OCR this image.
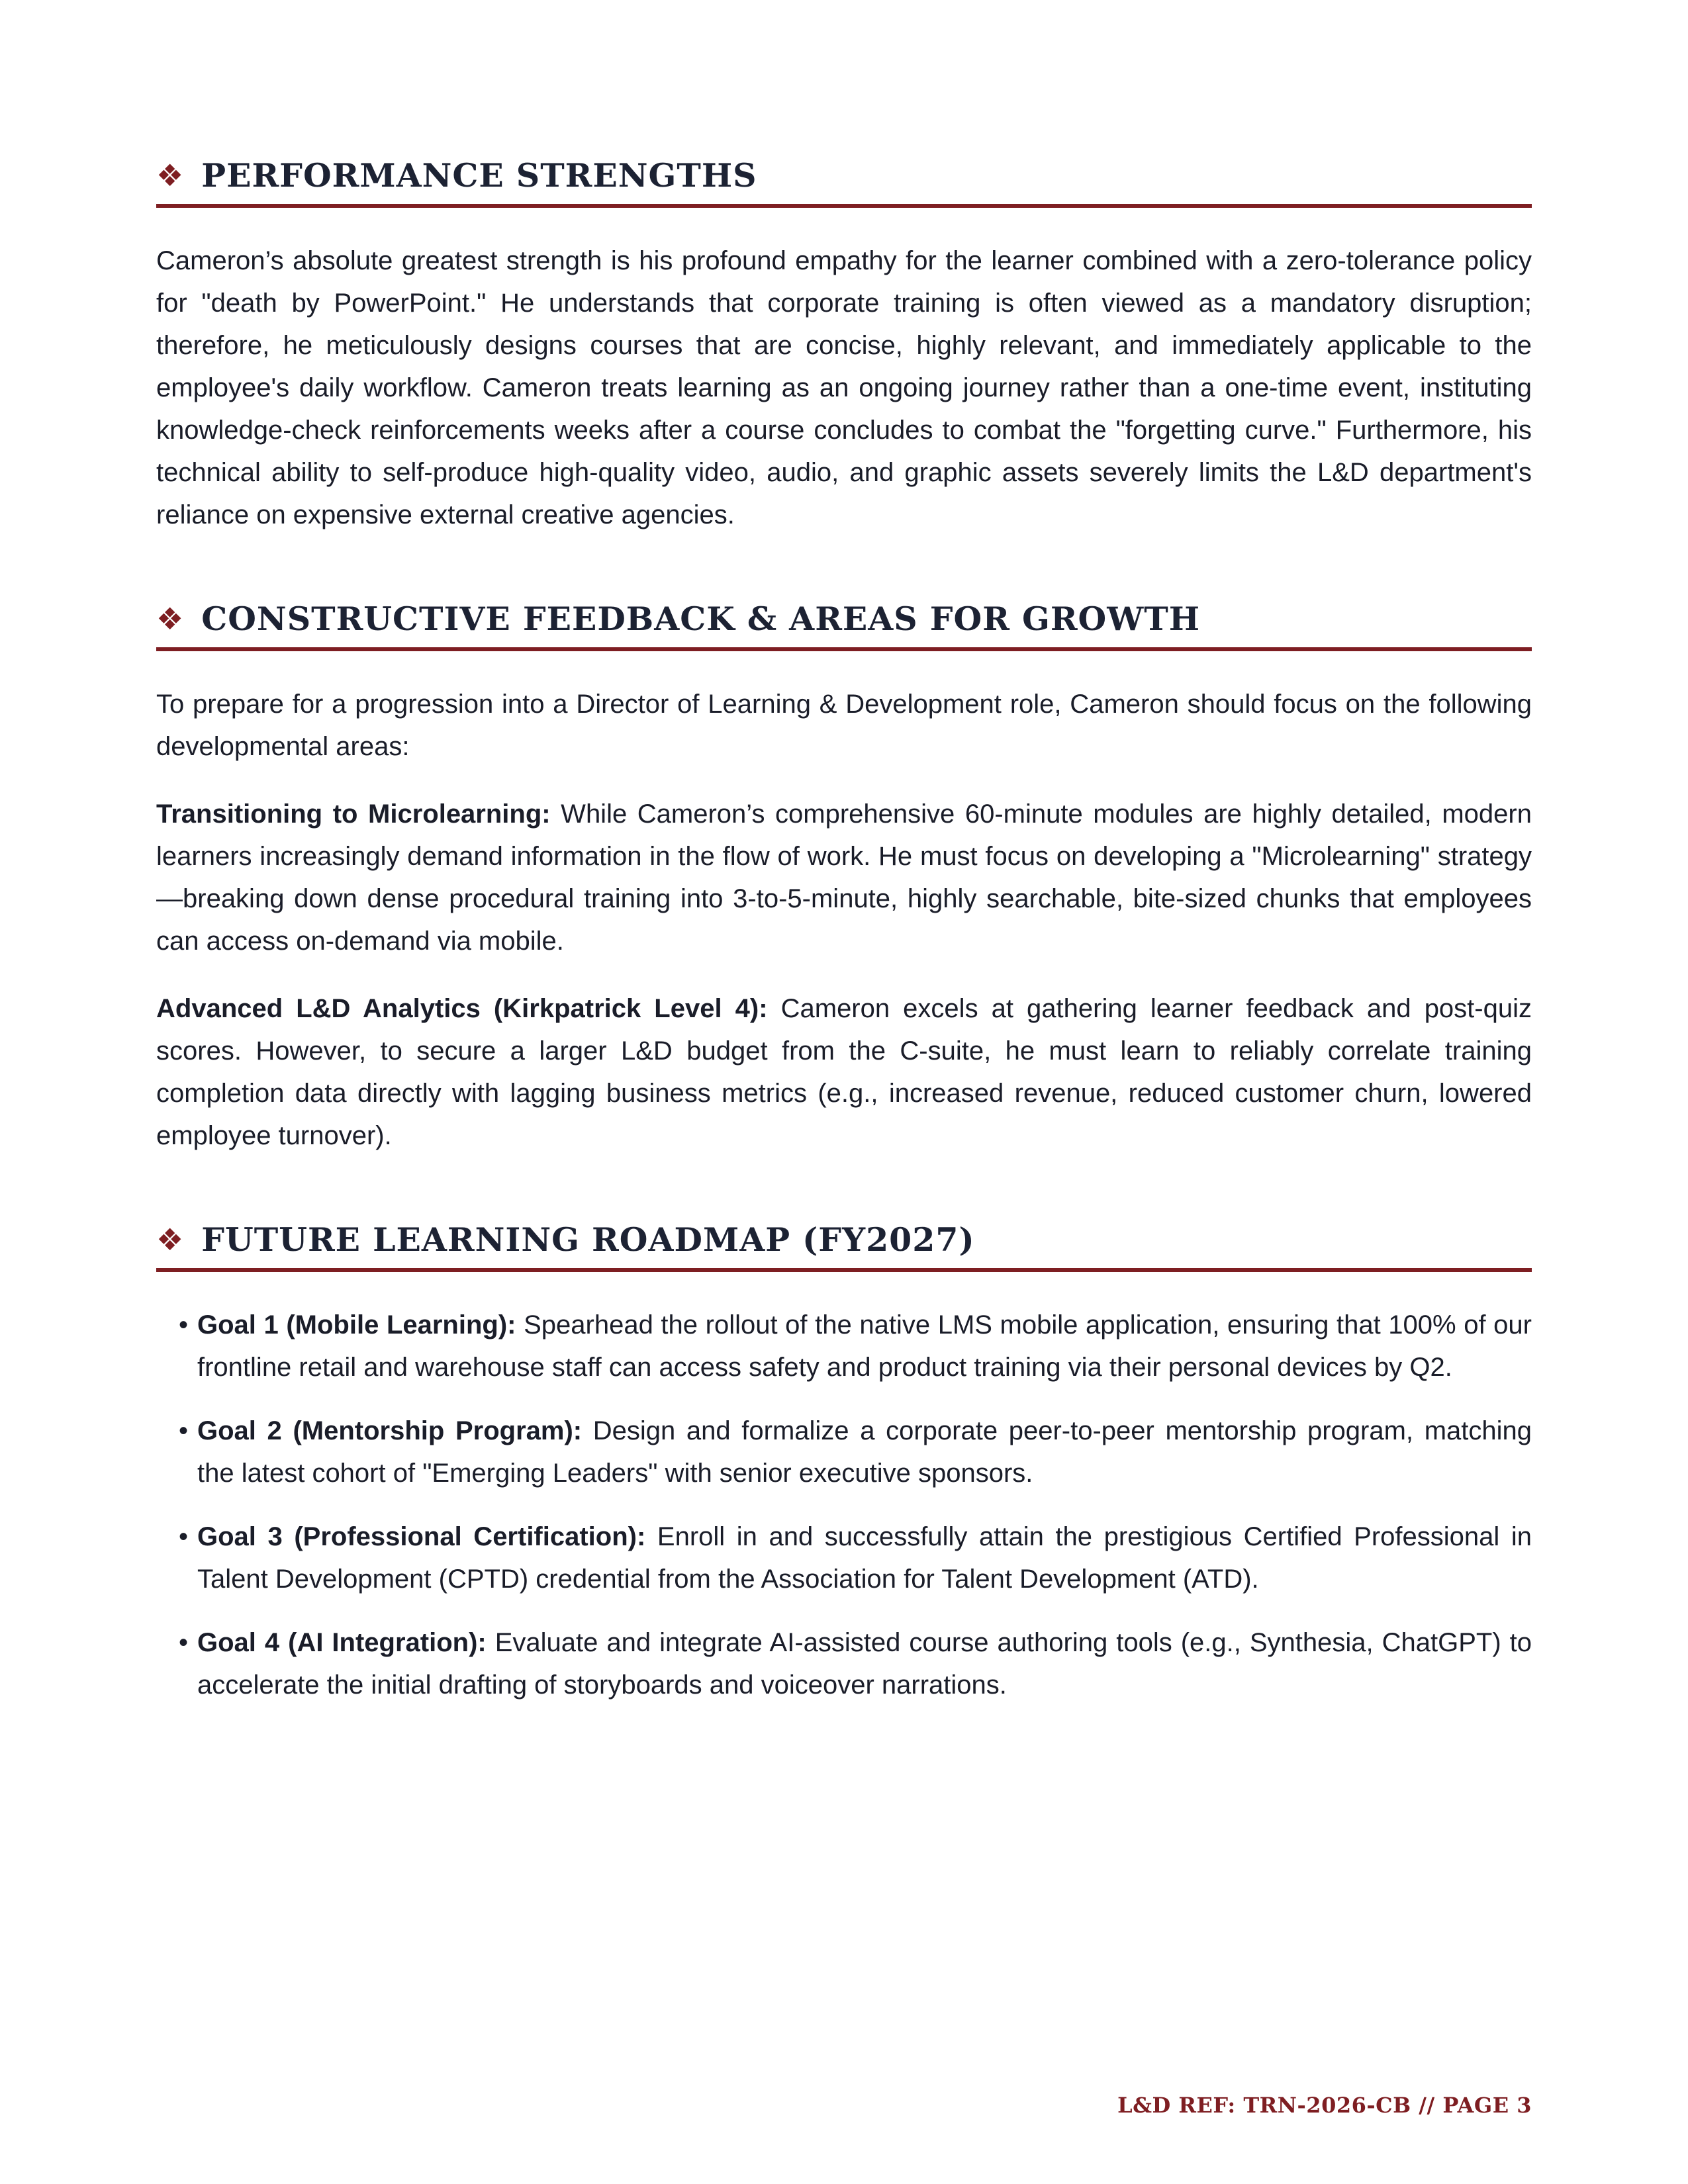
❖ PERFORMANCE STRENGTHS

Cameron’s absolute greatest strength is his profound empathy for the learner combined with a zero-tolerance policy for "death by PowerPoint." He understands that corporate training is often viewed as a mandatory disruption; therefore, he meticulously designs courses that are concise, highly relevant, and immediately applicable to the employee's daily workflow. Cameron treats learning as an ongoing journey rather than a one-time event, instituting knowledge-check reinforcements weeks after a course concludes to combat the "forgetting curve." Furthermore, his technical ability to self-produce high-quality video, audio, and graphic assets severely limits the L&D department's reliance on expensive external creative agencies.

❖ CONSTRUCTIVE FEEDBACK & AREAS FOR GROWTH

To prepare for a progression into a Director of Learning & Development role, Cameron should focus on the following developmental areas:

Transitioning to Microlearning: While Cameron’s comprehensive 60-minute modules are highly detailed, modern learners increasingly demand information in the flow of work. He must focus on developing a "Microlearning" strategy—breaking down dense procedural training into 3-to-5-minute, highly searchable, bite-sized chunks that employees can access on-demand via mobile.

Advanced L&D Analytics (Kirkpatrick Level 4): Cameron excels at gathering learner feedback and post-quiz scores. However, to secure a larger L&D budget from the C-suite, he must learn to reliably correlate training completion data directly with lagging business metrics (e.g., increased revenue, reduced customer churn, lowered employee turnover).

❖ FUTURE LEARNING ROADMAP (FY2027)
• Goal 1 (Mobile Learning): Spearhead the rollout of the native LMS mobile application, ensuring that 100% of our frontline retail and warehouse staff can access safety and product training via their personal devices by Q2.
• Goal 2 (Mentorship Program): Design and formalize a corporate peer-to-peer mentorship program, matching the latest cohort of "Emerging Leaders" with senior executive sponsors.
• Goal 3 (Professional Certification): Enroll in and successfully attain the prestigious Certified Professional in Talent Development (CPTD) credential from the Association for Talent Development (ATD).
• Goal 4 (AI Integration): Evaluate and integrate AI-assisted course authoring tools (e.g., Synthesia, ChatGPT) to accelerate the initial drafting of storyboards and voiceover narrations.
L&D REF: TRN-2026-CB // PAGE 3
